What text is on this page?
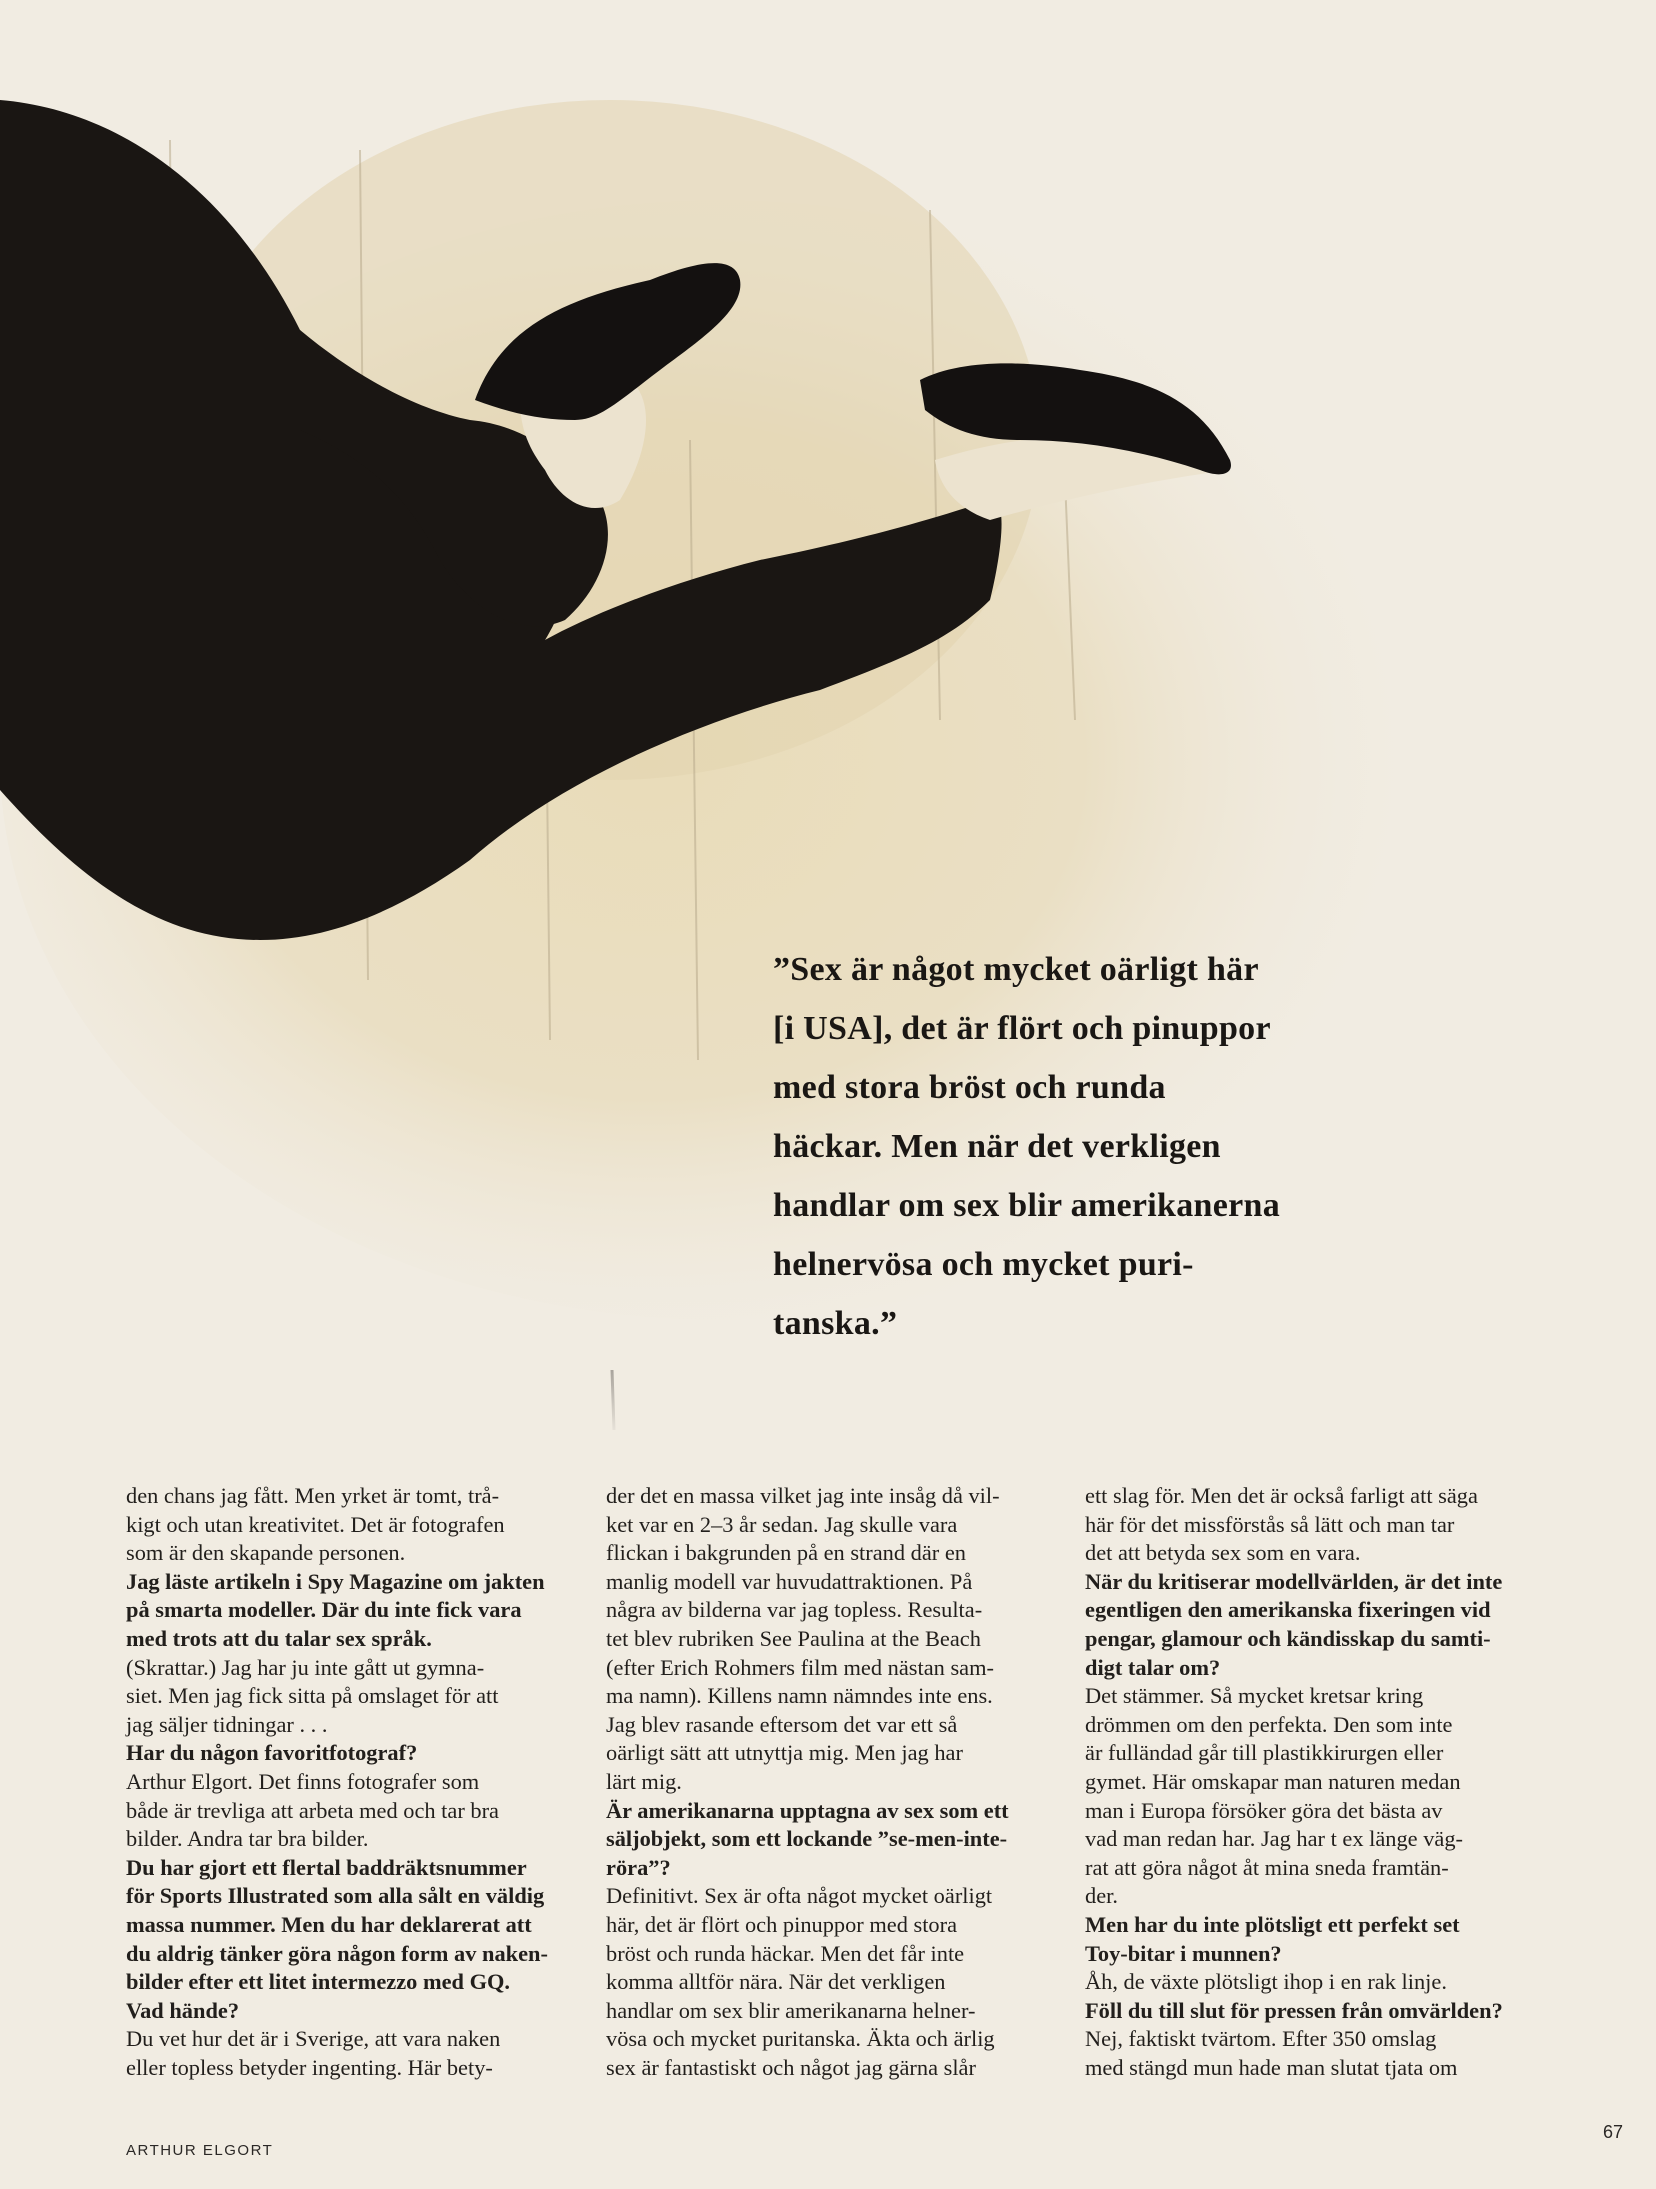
”Sex är något mycket oärligt här
[i USA], det är flört och pinuppor
med stora bröst och runda
häckar. Men när det verkligen
handlar om sex blir amerikanerna
helnervösa och mycket puri-
tanska.”
den chans jag fått. Men yrket är tomt, trå-
kigt och utan kreativitet. Det är fotografen
som är den skapande personen.
Jag läste artikeln i Spy Magazine om jakten
på smarta modeller. Där du inte fick vara
med trots att du talar sex språk.
(Skrattar.) Jag har ju inte gått ut gymna-
siet. Men jag fick sitta på omslaget för att
jag säljer tidningar . . .
Har du någon favoritfotograf?
Arthur Elgort. Det finns fotografer som
både är trevliga att arbeta med och tar bra
bilder. Andra tar bra bilder.
Du har gjort ett flertal baddräktsnummer
för Sports Illustrated som alla sålt en väldig
massa nummer. Men du har deklarerat att
du aldrig tänker göra någon form av naken-
bilder efter ett litet intermezzo med GQ.
Vad hände?
Du vet hur det är i Sverige, att vara naken
eller topless betyder ingenting. Här bety-
der det en massa vilket jag inte insåg då vil-
ket var en 2–3 år sedan. Jag skulle vara
flickan i bakgrunden på en strand där en
manlig modell var huvudattraktionen. På
några av bilderna var jag topless. Resulta-
tet blev rubriken See Paulina at the Beach
(efter Erich Rohmers film med nästan sam-
ma namn). Killens namn nämndes inte ens.
Jag blev rasande eftersom det var ett så
oärligt sätt att utnyttja mig. Men jag har
lärt mig.
Är amerikanarna upptagna av sex som ett
säljobjekt, som ett lockande ”se-men-inte-
röra”?
Definitivt. Sex är ofta något mycket oärligt
här, det är flört och pinuppor med stora
bröst och runda häckar. Men det får inte
komma alltför nära. När det verkligen
handlar om sex blir amerikanarna helner-
vösa och mycket puritanska. Äkta och ärlig
sex är fantastiskt och något jag gärna slår
ett slag för. Men det är också farligt att säga
här för det missförstås så lätt och man tar
det att betyda sex som en vara.
När du kritiserar modellvärlden, är det inte
egentligen den amerikanska fixeringen vid
pengar, glamour och kändisskap du samti-
digt talar om?
Det stämmer. Så mycket kretsar kring
drömmen om den perfekta. Den som inte
är fulländad går till plastikkirurgen eller
gymet. Här omskapar man naturen medan
man i Europa försöker göra det bästa av
vad man redan har. Jag har t ex länge väg-
rat att göra något åt mina sneda framtän-
der.
Men har du inte plötsligt ett perfekt set
Toy-bitar i munnen?
Åh, de växte plötsligt ihop i en rak linje.
Föll du till slut för pressen från omvärlden?
Nej, faktiskt tvärtom. Efter 350 omslag
med stängd mun hade man slutat tjata om
ARTHUR ELGORT
67
